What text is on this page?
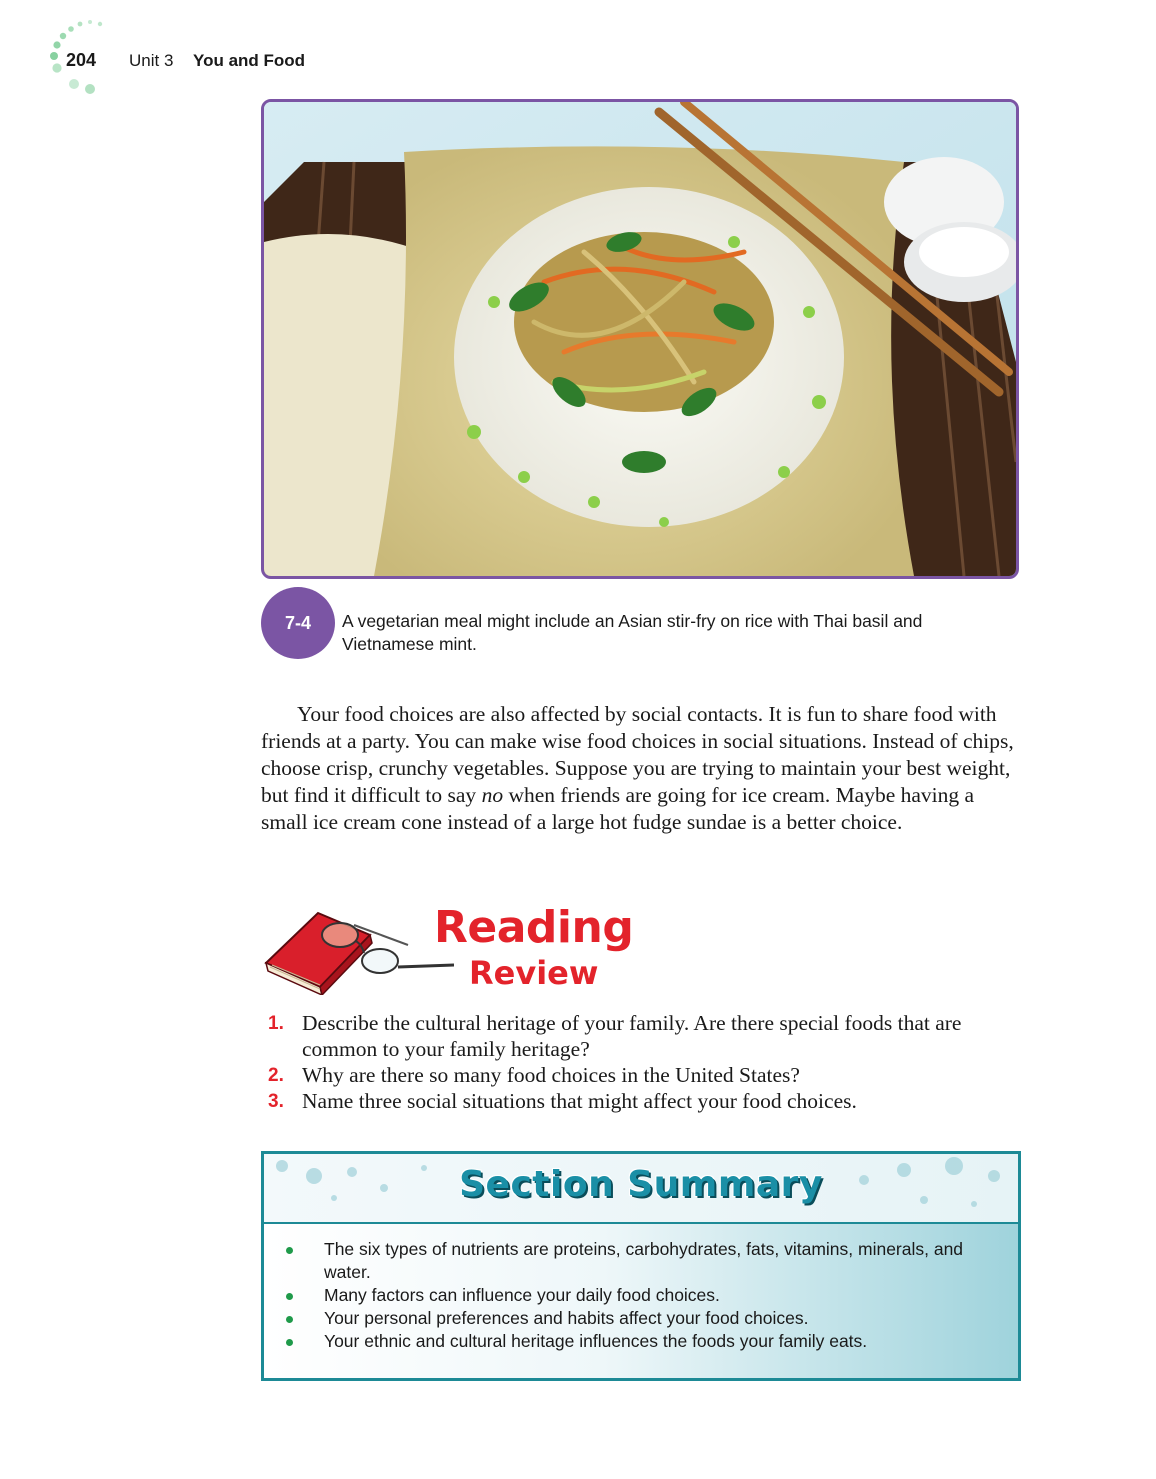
204 Unit 3 You and Food
7-4	A vegetarian meal might include an Asian stir-fry on rice with Thai basil and Vietnamese mint.

Your food choices are also affected by social contacts. It is fun to share food with friends at a party. You can make wise food choices in social situations. Instead of chips, choose crisp, crunchy vegetables. Suppose you are trying to maintain your best weight, but find it difficult to say no when friends are going for ice cream. Maybe having a small ice cream cone instead of a large hot fudge sundae is a better choice.

Reading
Review
1. Describe the cultural heritage of your family. Are there special foods that are common to your family heritage?
2. Why are there so many food choices in the United States?
3. Name three social situations that might affect your food choices.
Section Summary
The six types of nutrients are proteins, carbohydrates, fats, vitamins, minerals, and water.
Many factors can influence your daily food choices.
Your personal preferences and habits affect your food choices.
Your ethnic and cultural heritage influences the foods your family eats.
